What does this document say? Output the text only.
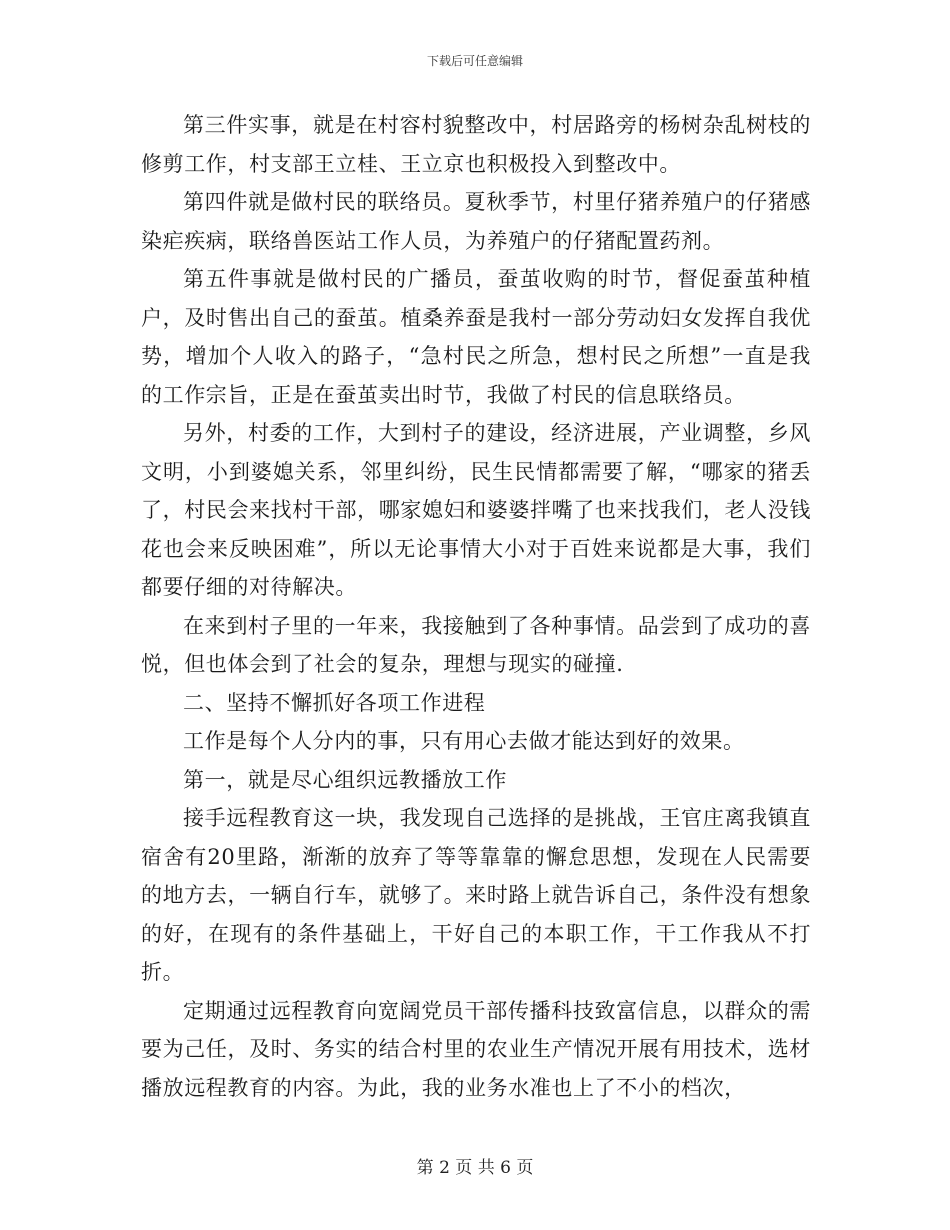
下载后可任意编辑

第三件实事，就是在村容村貌整改中，村居路旁的杨树杂乱树枝的修剪工作，村支部王立桂、王立京也积极投入到整改中。

第四件就是做村民的联络员。夏秋季节，村里仔猪养殖户的仔猪感染疟疾病，联络兽医站工作人员，为养殖户的仔猪配置药剂。

第五件事就是做村民的广播员，蚕茧收购的时节，督促蚕茧种植户，及时售出自己的蚕茧。植桑养蚕是我村一部分劳动妇女发挥自我优势，增加个人收入的路子，“急村民之所急，想村民之所想”一直是我的工作宗旨，正是在蚕茧卖出时节，我做了村民的信息联络员。

另外，村委的工作，大到村子的建设，经济进展，产业调整，乡风文明，小到婆媳关系，邻里纠纷，民生民情都需要了解，“哪家的猪丢了，村民会来找村干部，哪家媳妇和婆婆拌嘴了也来找我们，老人没钱花也会来反映困难”，所以无论事情大小对于百姓来说都是大事，我们都要仔细的对待解决。

在来到村子里的一年来，我接触到了各种事情。品尝到了成功的喜悦，但也体会到了社会的复杂，理想与现实的碰撞.

二、坚持不懈抓好各项工作进程

工作是每个人分内的事，只有用心去做才能达到好的效果。

第一，就是尽心组织远教播放工作

接手远程教育这一块，我发现自己选择的是挑战，王官庄离我镇直宿舍有20里路，渐渐的放弃了等等靠靠的懈怠思想，发现在人民需要的地方去，一辆自行车，就够了。来时路上就告诉自己，条件没有想象的好，在现有的条件基础上，干好自己的本职工作，干工作我从不打折。

定期通过远程教育向宽阔党员干部传播科技致富信息，以群众的需要为己任，及时、务实的结合村里的农业生产情况开展有用技术，选材播放远程教育的内容。为此，我的业务水准也上了不小的档次，

第 2 页 共 6 页
